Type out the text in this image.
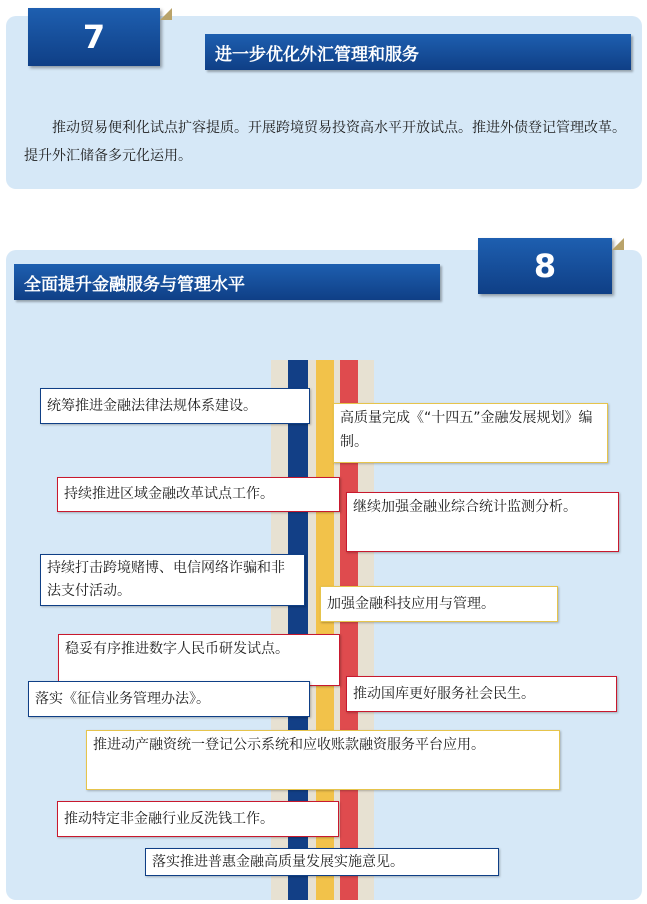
7	进一步优化外汇管理和服务
推动贸易便利化试点扩容提质。开展跨境贸易投资高水平开放试点。推进外债登记管理改革。提升外汇储备多元化运用。
8
全面提升金融服务与管理水平
统筹推进金融法律法规体系建设。
高质量完成《“十四五”金融发展规划》编制。
持续推进区域金融改革试点工作。
继续加强金融业综合统计监测分析。
持续打击跨境赌博、电信网络诈骗和非法支付活动。
加强金融科技应用与管理。
稳妥有序推进数字人民币研发试点。
落实《征信业务管理办法》。	推动国库更好服务社会民生。
推进动产融资统一登记公示系统和应收账款融资服务平台应用。
推动特定非金融行业反洗钱工作。
落实推进普惠金融高质量发展实施意见。
